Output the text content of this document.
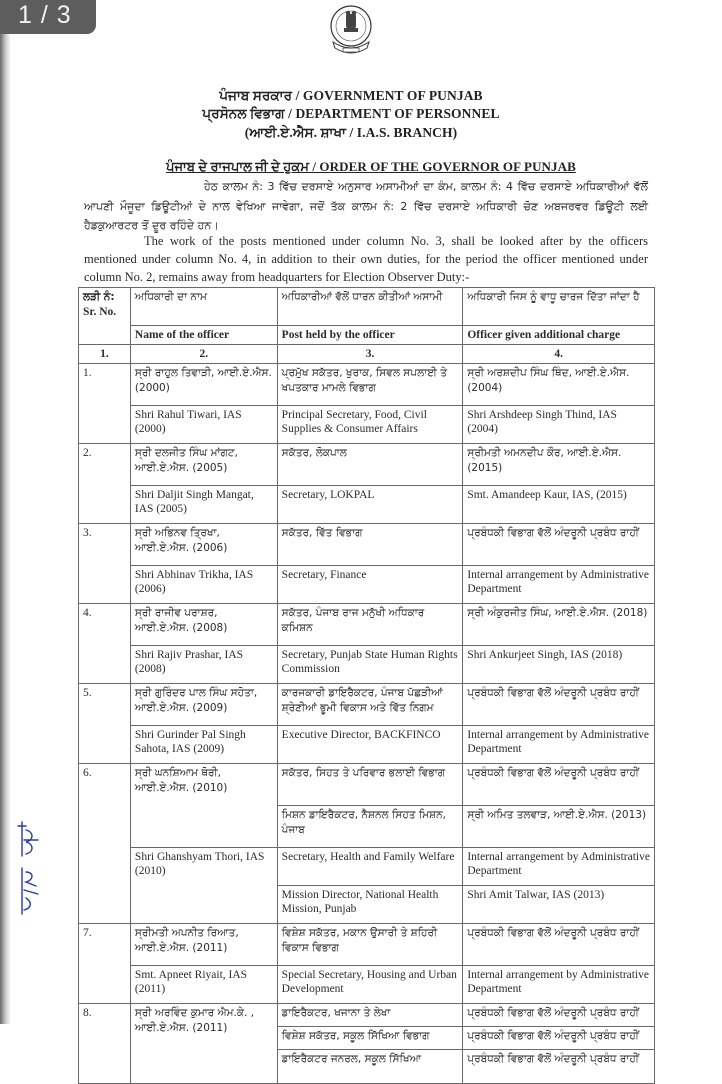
1 / 3
ਪੰਜਾਬ ਸਰਕਾਰ / GOVERNMENT OF PUNJAB
ਪ੍ਰਸੋਨਲ ਵਿਭਾਗ / DEPARTMENT OF PERSONNEL
(ਆਈ.ਏ.ਐਸ. ਸ਼ਾਖਾ / I.A.S. BRANCH)
ਪੰਜਾਬ ਦੇ ਰਾਜਪਾਲ ਜੀ ਦੇ ਹੁਕਮ / ORDER OF THE GOVERNOR OF PUNJAB

ਹੇਠ ਕਾਲਮ ਨੰ: 3 ਵਿੱਚ ਦਰਸਾਏ ਅਨੁਸਾਰ ਅਸਾਮੀਆਂ ਦਾ ਕੰਮ, ਕਾਲਮ ਨੰ: 4 ਵਿੱਚ ਦਰਸਾਏ ਅਧਿਕਾਰੀਆਂ ਵੱਲੋਂ ਆਪਣੀ ਮੌਜੂਦਾ ਡਿਊਟੀਆਂ ਦੇ ਨਾਲ ਵੇਖਿਆ ਜਾਵੇਗਾ, ਜਦੋਂ ਤੱਕ ਕਾਲਮ ਨੰ: 2 ਵਿੱਚ ਦਰਸਾਏ ਅਧਿਕਾਰੀ ਚੋਣ ਅਬਜਰਵਰ ਡਿਊਟੀ ਲਈ ਹੈਡਕੁਆਰਟਰ ਤੋਂ ਦੂਰ ਰਹਿੰਦੇ ਹਨ।

The work of the posts mentioned under column No. 3, shall be looked after by the officers mentioned under column No. 4, in addition to their own duties, for the period the officer mentioned under column No. 2, remains away from headquarters for Election Observer Duty:-

ਲੜੀ ਨੰ:
Sr. No.	ਅਧਿਕਾਰੀ ਦਾ ਨਾਮ	ਅਧਿਕਾਰੀਆਂ ਵੱਲੋਂ ਧਾਰਨ ਕੀਤੀਆਂ ਅਸਾਮੀ	ਅਧਿਕਾਰੀ ਜਿਸ ਨੂੰ ਵਾਧੂ ਚਾਰਜ ਦਿੱਤਾ ਜਾਂਦਾ ਹੈ
	Name of the officer	Post held by the officer	Officer given additional charge
1.	2.	3.	4.
1.	ਸ੍ਰੀ ਰਾਹੁਲ ਤਿਵਾੜੀ, ਆਈ.ਏ.ਐਸ. (2000)	ਪ੍ਰਮੁੱਖ ਸਕੱਤਰ, ਖੁਰਾਕ, ਸਿਵਲ ਸਪਲਾਈ ਤੇ ਖਪਤਕਾਰ ਮਾਮਲੇ ਵਿਭਾਗ	ਸ੍ਰੀ ਅਰਸ਼ਦੀਪ ਸਿੰਘ ਥਿੰਦ, ਆਈ.ਏ.ਐਸ. (2004)
	Shri Rahul Tiwari, IAS (2000)	Principal Secretary, Food, Civil Supplies & Consumer Affairs	Shri Arshdeep Singh Thind, IAS (2004)
2.	ਸ੍ਰੀ ਦਲਜੀਤ ਸਿੰਘ ਮਾਂਗਟ, ਆਈ.ਏ.ਐਸ. (2005)	ਸਕੱਤਰ, ਲੋਕਪਾਲ	ਸ੍ਰੀਮਤੀ ਅਮਨਦੀਪ ਕੌਰ, ਆਈ.ਏ.ਐਸ. (2015)
	Shri Daljit Singh Mangat, IAS (2005)	Secretary, LOKPAL	Smt. Amandeep Kaur, IAS, (2015)
3.	ਸ੍ਰੀ ਅਭਿਨਵ ਤ੍ਰਿਖਾ, ਆਈ.ਏ.ਐਸ. (2006)	ਸਕੱਤਰ, ਵਿੱਤ ਵਿਭਾਗ	ਪ੍ਰਬੰਧਕੀ ਵਿਭਾਗ ਵੱਲੋਂ ਅੰਦਰੂਨੀ ਪ੍ਰਬੰਧ ਰਾਹੀਂ
	Shri Abhinav Trikha, IAS (2006)	Secretary, Finance	Internal arrangement by Administrative Department
4.	ਸ੍ਰੀ ਰਾਜੀਵ ਪਰਾਸ਼ਰ, ਆਈ.ਏ.ਐਸ. (2008)	ਸਕੱਤਰ, ਪੰਜਾਬ ਰਾਜ ਮਨੁੱਖੀ ਅਧਿਕਾਰ ਕਮਿਸ਼ਨ	ਸ੍ਰੀ ਅੰਕੁਰਜੀਤ ਸਿੰਘ, ਆਈ.ਏ.ਐਸ. (2018)
	Shri Rajiv Prashar, IAS (2008)	Secretary, Punjab State Human Rights Commission	Shri Ankurjeet Singh, IAS (2018)
5.	ਸ੍ਰੀ ਗੁਰਿੰਦਰ ਪਾਲ ਸਿੰਘ ਸਹੋਤਾ, ਆਈ.ਏ.ਐਸ. (2009)	ਕਾਰਜਕਾਰੀ ਡਾਇਰੈਕਟਰ, ਪੰਜਾਬ ਪੱਛੜੀਆਂ ਸ਼੍ਰੇਣੀਆਂ ਭੂਮੀ ਵਿਕਾਸ ਅਤੇ ਵਿੱਤ ਨਿਗਮ	ਪ੍ਰਬੰਧਕੀ ਵਿਭਾਗ ਵੱਲੋਂ ਅੰਦਰੂਨੀ ਪ੍ਰਬੰਧ ਰਾਹੀਂ
	Shri Gurinder Pal Singh Sahota, IAS (2009)	Executive Director, BACKFINCO	Internal arrangement by Administrative Department
6.	ਸ੍ਰੀ ਘਨਸ਼ਿਆਮ ਥੋਰੀ, ਆਈ.ਏ.ਐਸ. (2010)	ਸਕੱਤਰ, ਸਿਹਤ ਤੇ ਪਰਿਵਾਰ ਭਲਾਈ ਵਿਭਾਗ	ਪ੍ਰਬੰਧਕੀ ਵਿਭਾਗ ਵੱਲੋਂ ਅੰਦਰੂਨੀ ਪ੍ਰਬੰਧ ਰਾਹੀਂ
		ਮਿਸ਼ਨ ਡਾਇਰੈਕਟਰ, ਨੈਸ਼ਨਲ ਸਿਹਤ ਮਿਸ਼ਨ, ਪੰਜਾਬ	ਸ੍ਰੀ ਅਮਿਤ ਤਲਵਾੜ, ਆਈ.ਏ.ਐਸ. (2013)
	Shri Ghanshyam Thori, IAS (2010)	Secretary, Health and Family Welfare	Internal arrangement by Administrative Department
		Mission Director, National Health Mission, Punjab	Shri Amit Talwar, IAS (2013)
7.	ਸ੍ਰੀਮਤੀ ਅਪਨੀਤ ਰਿਆਤ, ਆਈ.ਏ.ਐਸ. (2011)	ਵਿਸ਼ੇਸ਼ ਸਕੱਤਰ, ਮਕਾਨ ਉਸਾਰੀ ਤੇ ਸ਼ਹਿਰੀ ਵਿਕਾਸ ਵਿਭਾਗ	ਪ੍ਰਬੰਧਕੀ ਵਿਭਾਗ ਵੱਲੋਂ ਅੰਦਰੂਨੀ ਪ੍ਰਬੰਧ ਰਾਹੀਂ
	Smt. Apneet Riyait, IAS (2011)	Special Secretary, Housing and Urban Development	Internal arrangement by Administrative Department
8.	ਸ੍ਰੀ ਅਰਵਿੰਦ ਕੁਮਾਰ ਐਮ.ਕੇ. , ਆਈ.ਏ.ਐਸ. (2011)	ਡਾਇਰੈਕਟਰ, ਖਜਾਨਾ ਤੇ ਲੇਖਾ	ਪ੍ਰਬੰਧਕੀ ਵਿਭਾਗ ਵੱਲੋਂ ਅੰਦਰੂਨੀ ਪ੍ਰਬੰਧ ਰਾਹੀਂ
		ਵਿਸ਼ੇਸ਼ ਸਕੱਤਰ, ਸਕੂਲ ਸਿੱਖਿਆ ਵਿਭਾਗ	ਪ੍ਰਬੰਧਕੀ ਵਿਭਾਗ ਵੱਲੋਂ ਅੰਦਰੂਨੀ ਪ੍ਰਬੰਧ ਰਾਹੀਂ
		ਡਾਇਰੈਕਟਰ ਜਨਰਲ, ਸਕੂਲ ਸਿੱਖਿਆ	ਪ੍ਰਬੰਧਕੀ ਵਿਭਾਗ ਵੱਲੋਂ ਅੰਦਰੂਨੀ ਪ੍ਰਬੰਧ ਰਾਹੀਂ
